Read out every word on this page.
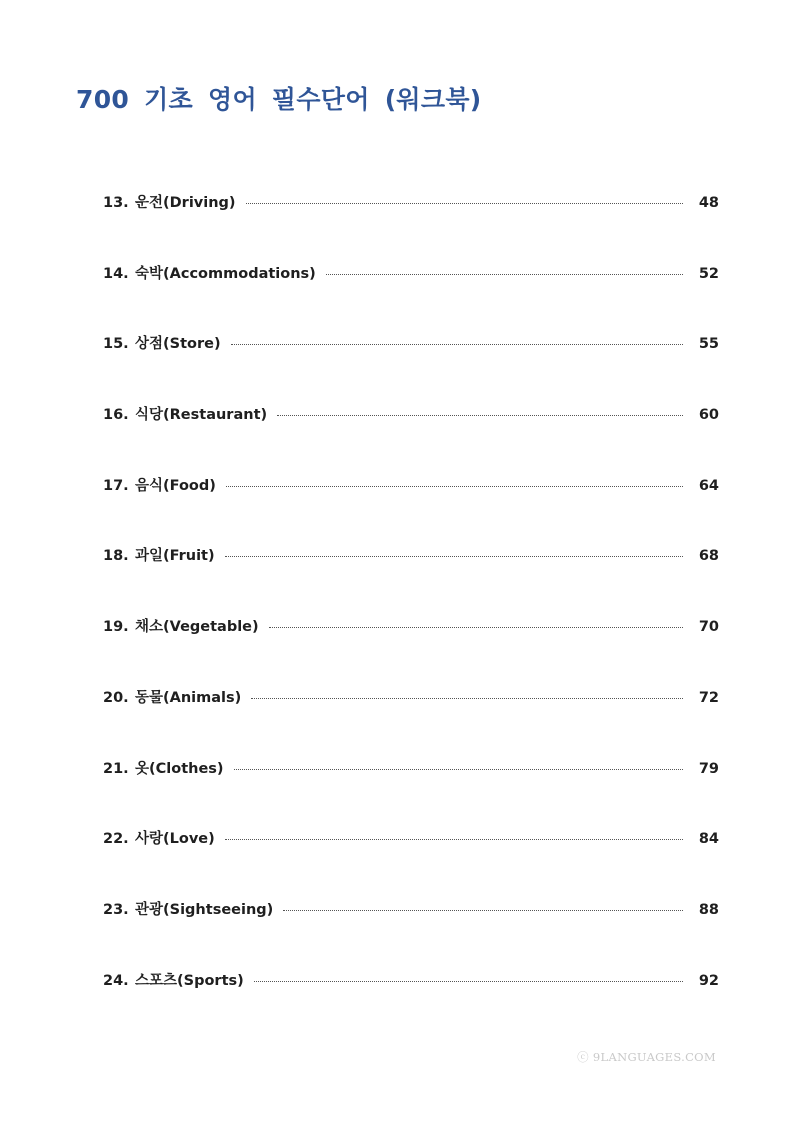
700 기초 영어 필수단어 (워크북)
13. 운전(Driving)	48
14. 숙박(Accommodations)	52
15. 상점(Store)	55
16. 식당(Restaurant)	60
17. 음식(Food)	64
18. 과일(Fruit)	68
19. 채소(Vegetable)	70
20. 동물(Animals)	72
21. 옷(Clothes)	79
22. 사랑(Love)	84
23. 관광(Sightseeing)	88
24. 스포츠(Sports)	92
ⓒ 9LANGUAGES.COM
